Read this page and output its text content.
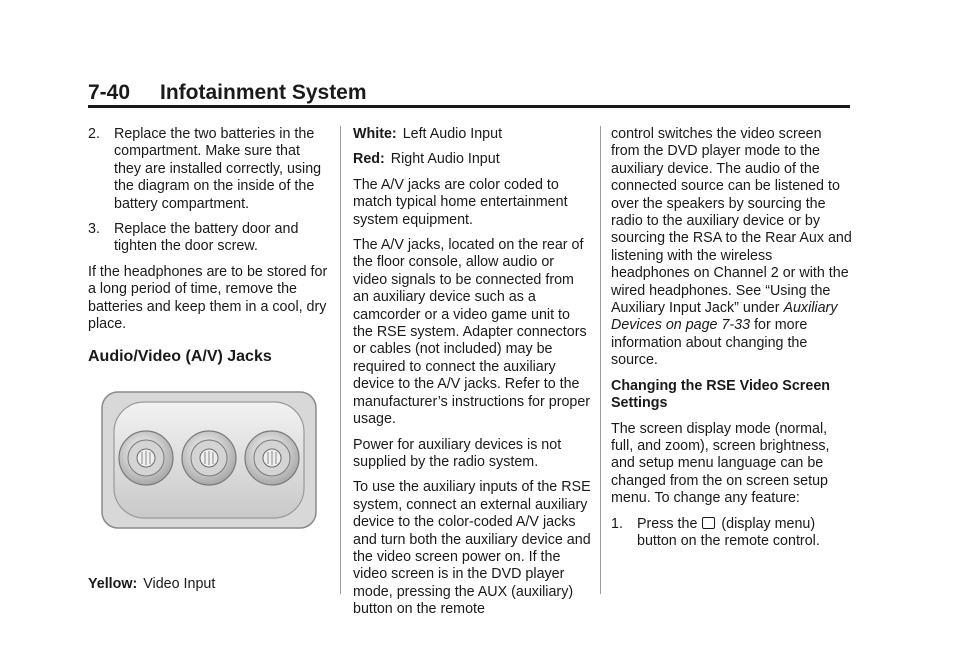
7-40 Infotainment System
2. Replace the two batteries in the compartment. Make sure that they are installed correctly, using the diagram on the inside of the battery compartment.
3. Replace the battery door and tighten the door screw.

If the headphones are to be stored for a long period of time, remove the batteries and keep them in a cool, dry place.

Audio/Video (A/V) Jacks
Yellow: Video Input

White: Left Audio Input

Red: Right Audio Input

The A/V jacks are color coded to match typical home entertainment system equipment.

The A/V jacks, located on the rear of the floor console, allow audio or video signals to be connected from an auxiliary device such as a camcorder or a video game unit to the RSE system. Adapter connectors or cables (not included) may be required to connect the auxiliary device to the A/V jacks. Refer to the manufacturer’s instructions for proper usage.

Power for auxiliary devices is not supplied by the radio system.

To use the auxiliary inputs of the RSE system, connect an external auxiliary device to the color-coded A/V jacks and turn both the auxiliary device and the video screen power on. If the video screen is in the DVD player mode, pressing the AUX (auxiliary) button on the remote

control switches the video screen from the DVD player mode to the auxiliary device. The audio of the connected source can be listened to over the speakers by sourcing the radio to the auxiliary device or by sourcing the RSA to the Rear Aux and listening with the wireless headphones on Channel 2 or with the wired headphones. See “Using the Auxiliary Input Jack” under Auxiliary Devices on page 7-33 for more information about changing the source.

Changing the RSE Video Screen Settings

The screen display mode (normal, full, and zoom), screen brightness, and setup menu language can be changed from the on screen setup menu. To change any feature:

1. Press the (display menu) button on the remote control.
